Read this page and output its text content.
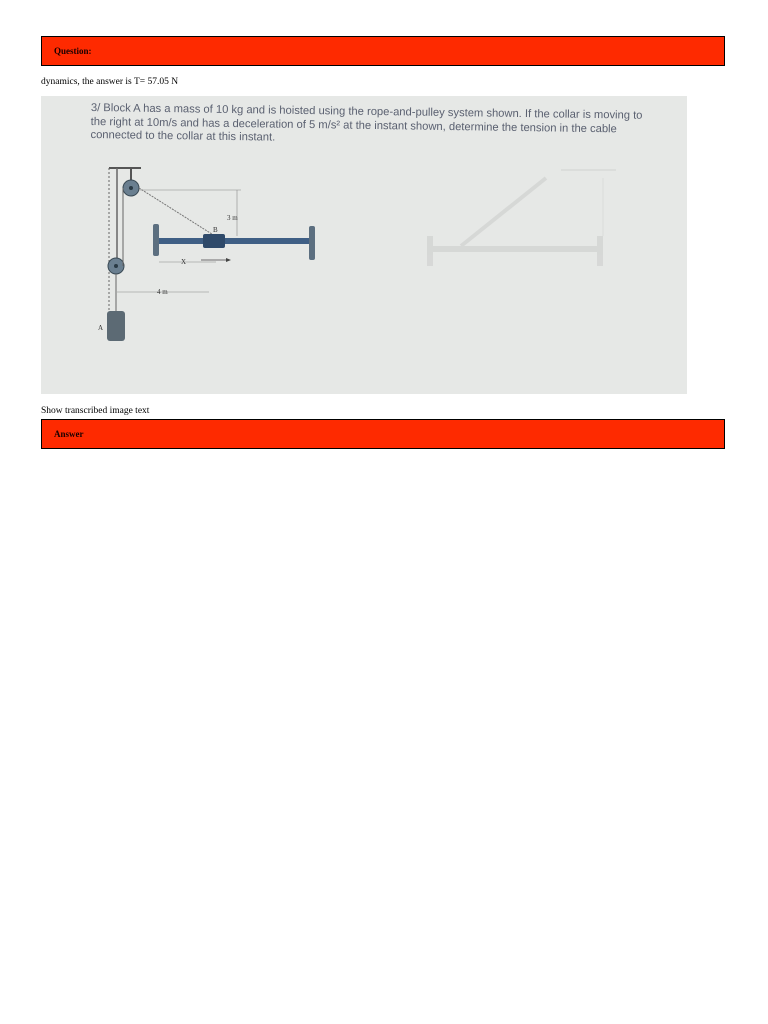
Question:
dynamics, the answer is T= 57.05 N
3/ Block A has a mass of 10 kg and is hoisted using the rope-and-pulley system shown. If the collar is moving to the right at 10m/s and has a deceleration of 5 m/s² at the instant shown, determine the tension in the cable connected to the collar at this instant.
3 m
B
X
4 m
A
Show transcribed image text
Answer
